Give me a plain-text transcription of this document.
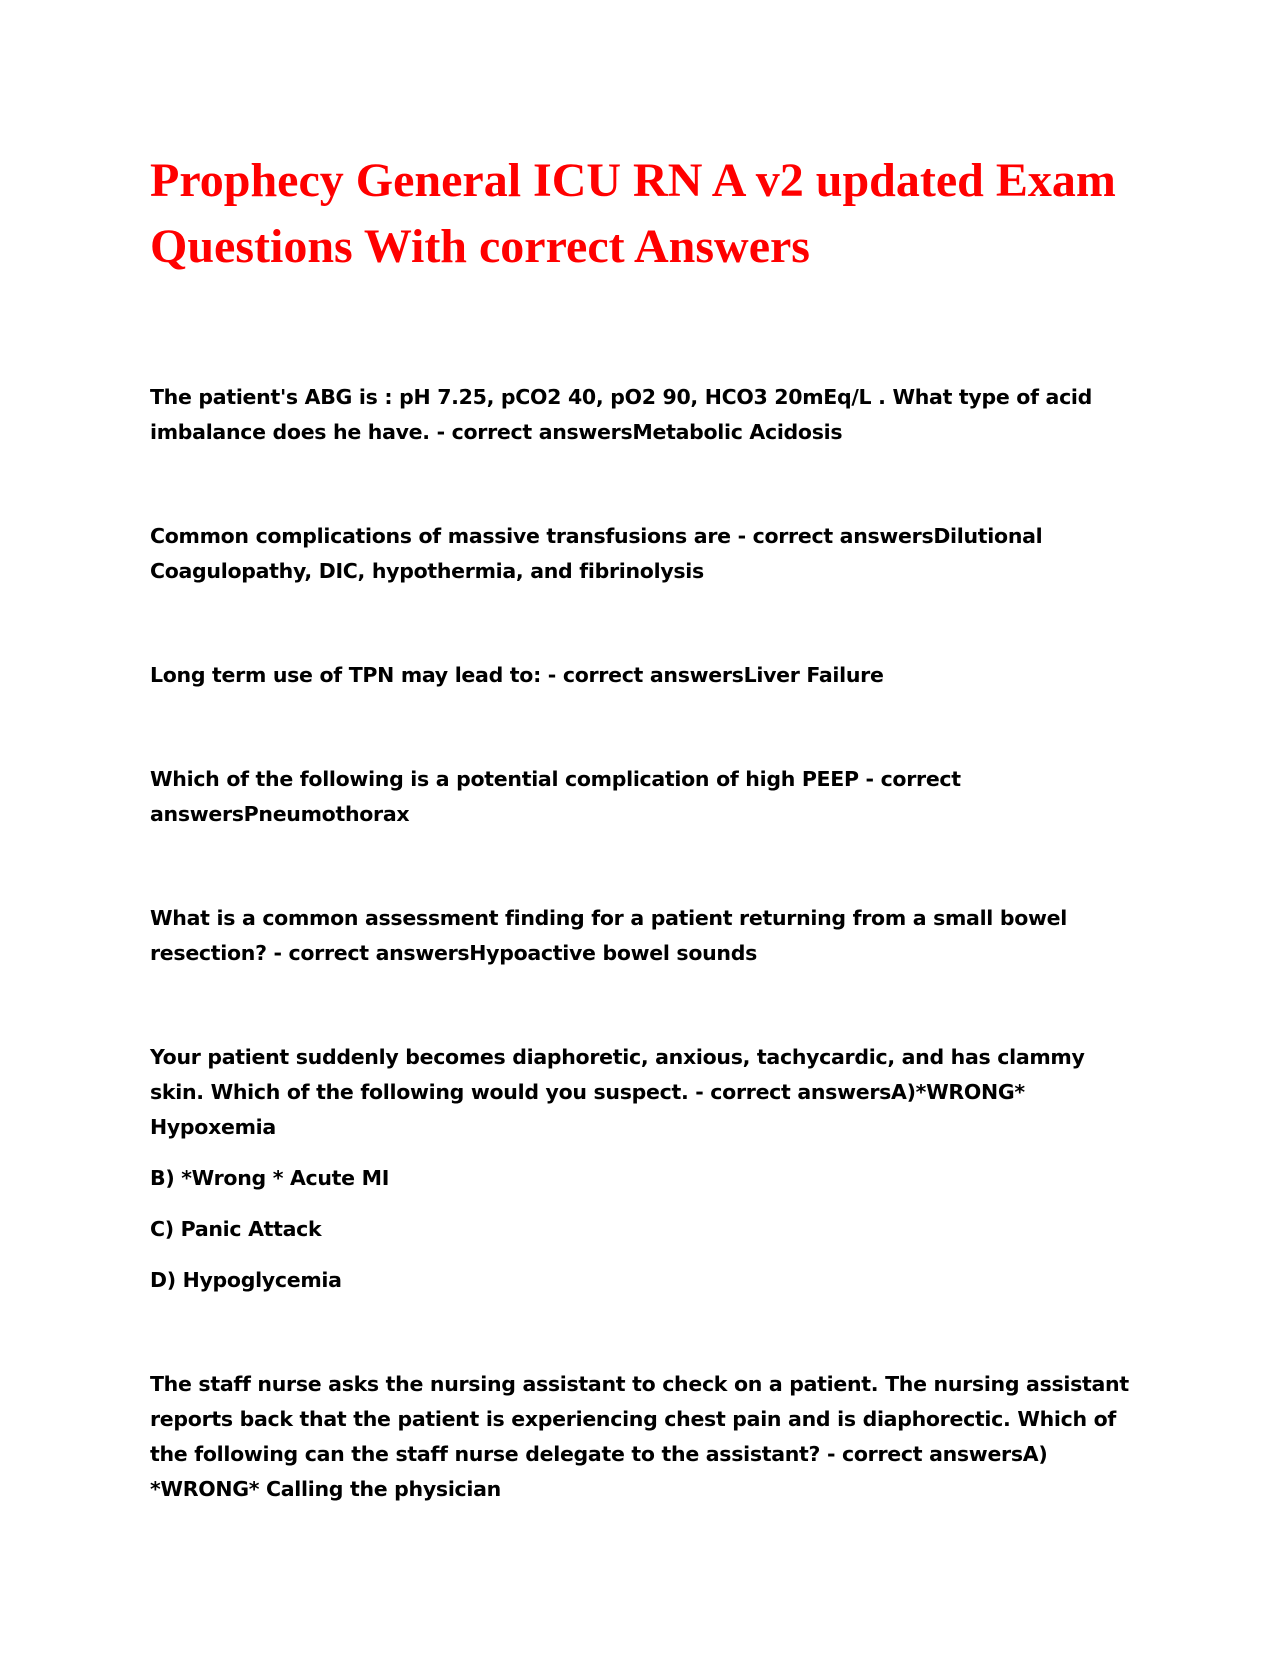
Prophecy General ICU RN A v2 updated Exam Questions With correct Answers

The patient's ABG is : pH 7.25, pCO2 40, pO2 90, HCO3 20mEq/L . What type of acid imbalance does he have. - correct answersMetabolic Acidosis

Common complications of massive transfusions are - correct answersDilutional Coagulopathy, DIC, hypothermia, and fibrinolysis

Long term use of TPN may lead to: - correct answersLiver Failure

Which of the following is a potential complication of high PEEP - correct answersPneumothorax

What is a common assessment finding for a patient returning from a small bowel resection? - correct answersHypoactive bowel sounds

Your patient suddenly becomes diaphoretic, anxious, tachycardic, and has clammy skin. Which of the following would you suspect. - correct answersA)*WRONG* Hypoxemia

B) *Wrong * Acute MI

C) Panic Attack

D) Hypoglycemia

The staff nurse asks the nursing assistant to check on a patient. The nursing assistant reports back that the patient is experiencing chest pain and is diaphorectic. Which of the following can the staff nurse delegate to the assistant? - correct answersA) *WRONG* Calling the physician
